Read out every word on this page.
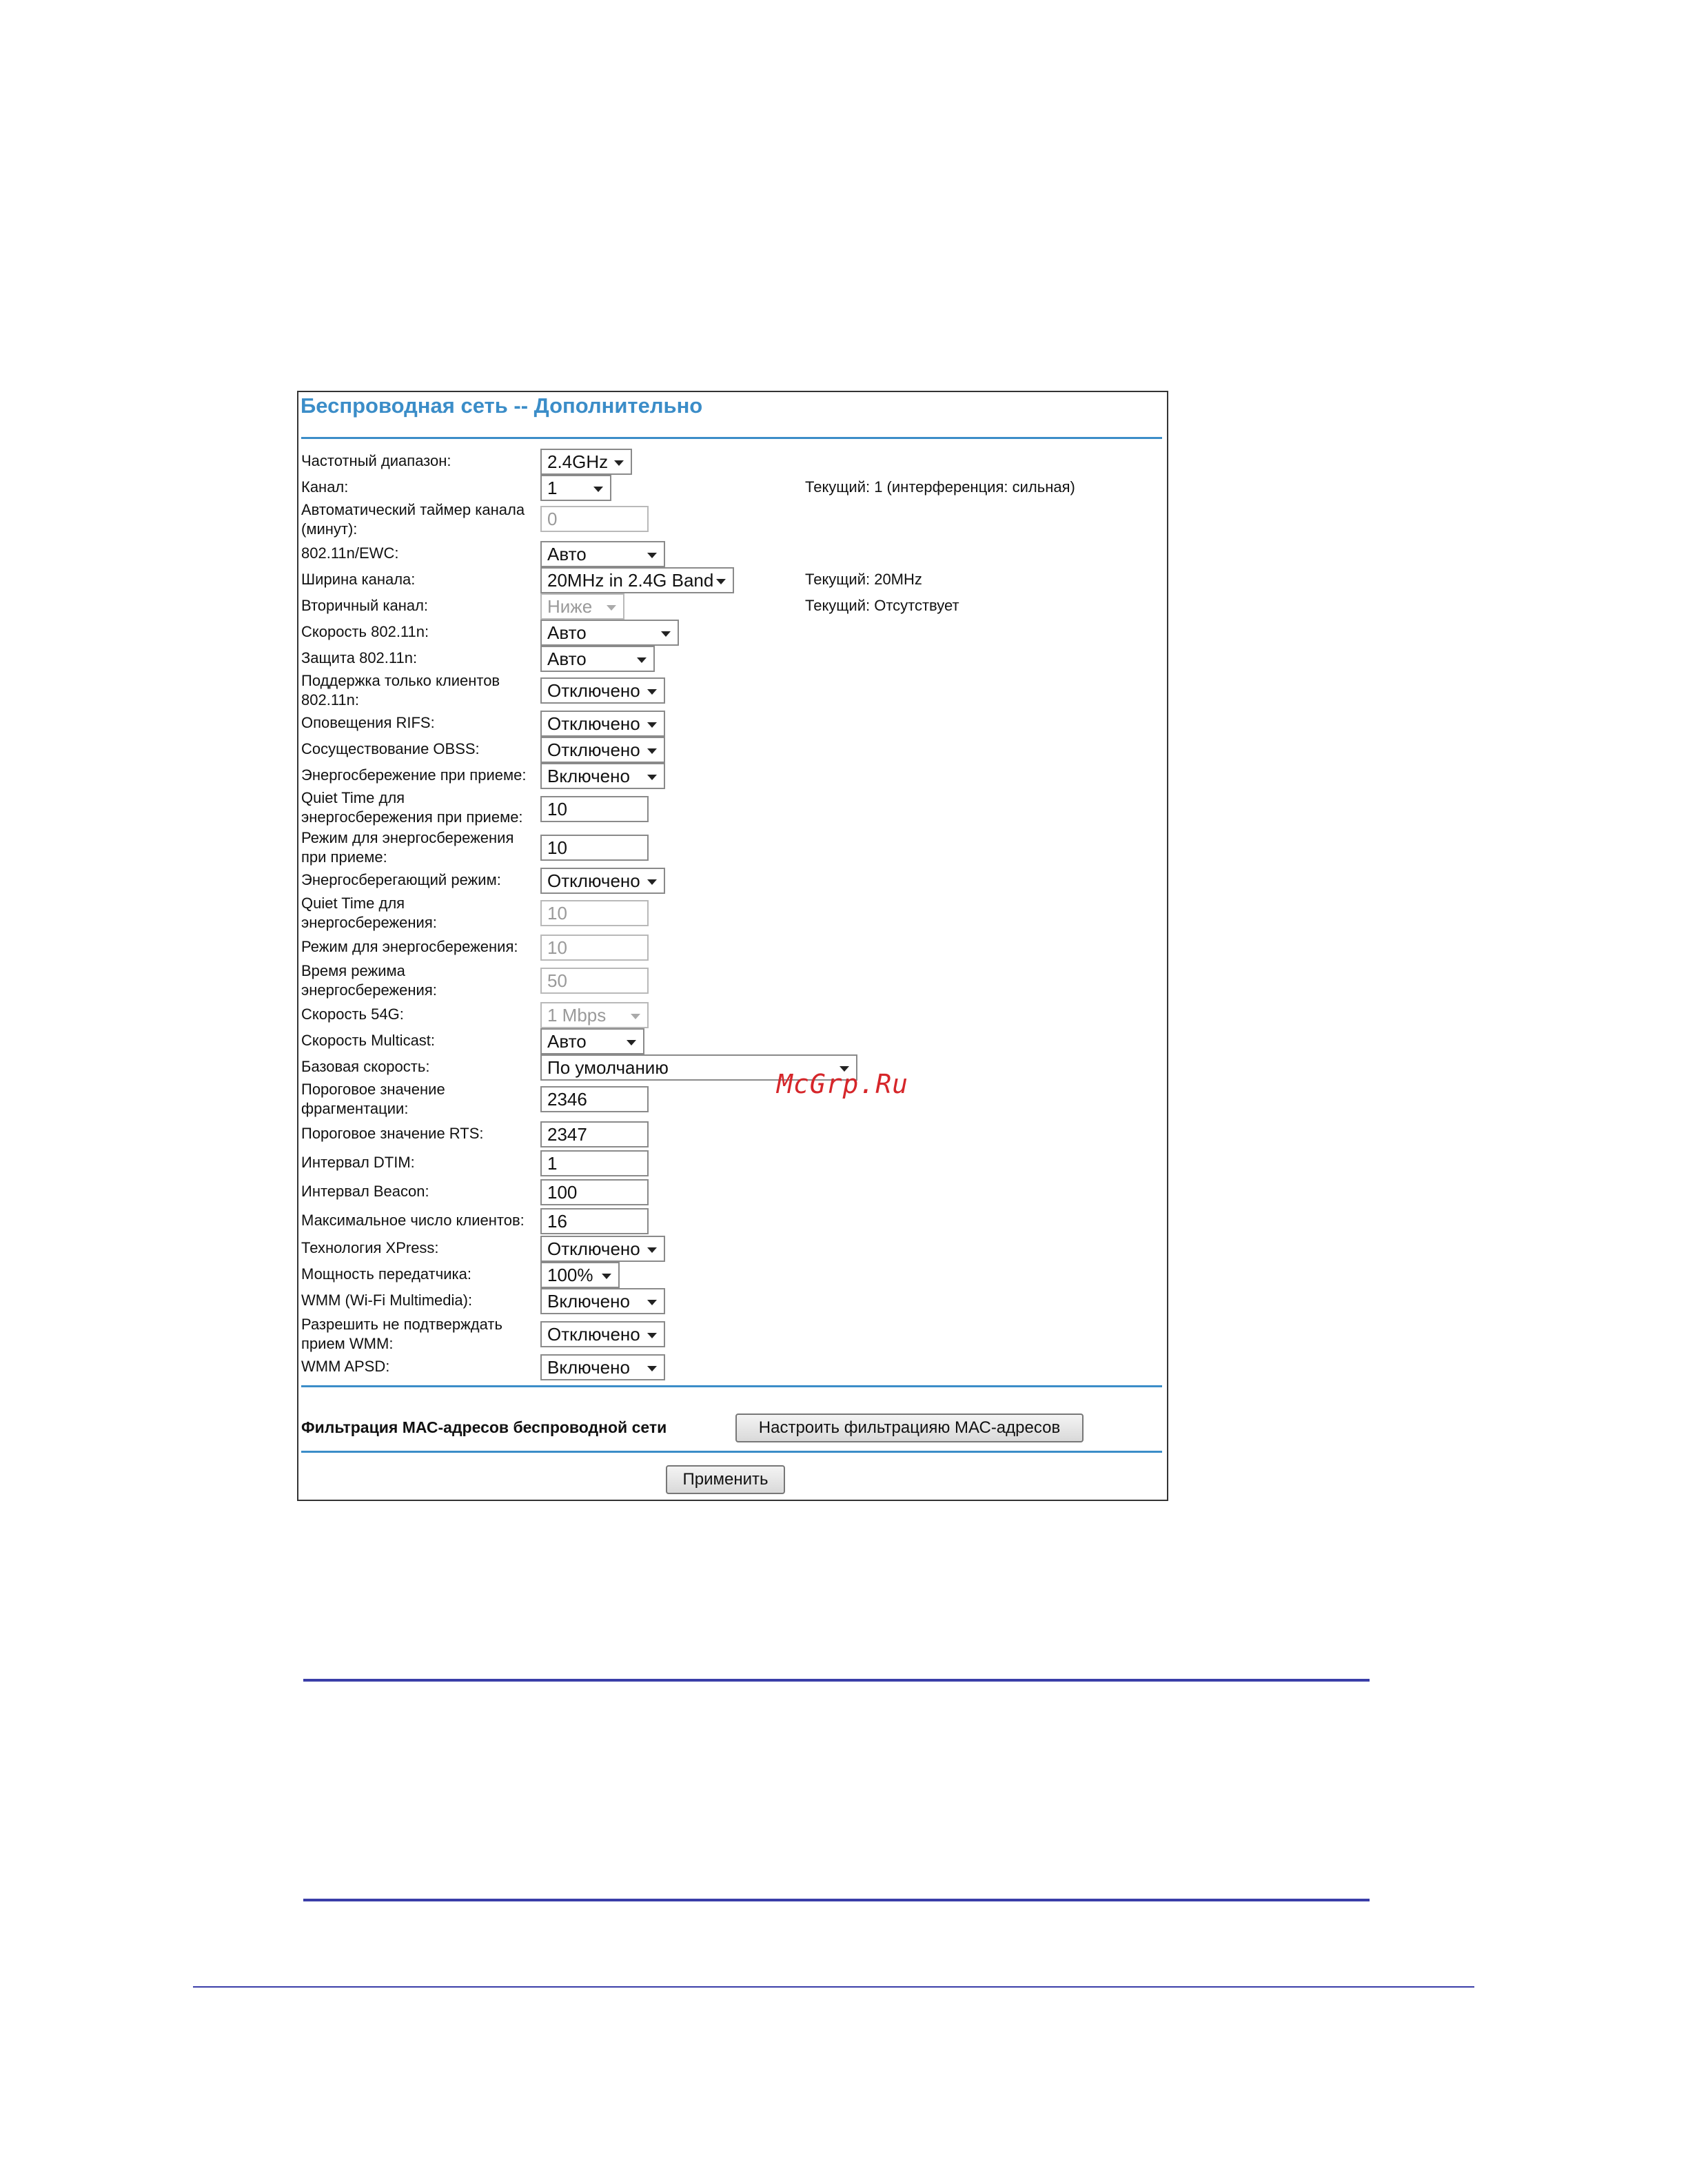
Беспроводная сеть -- Дополнительно
Частотный диапазон:	2.4GHz
Канал:	1	Текущий: 1 (интерференция: сильная)
Автоматический таймер канала (минут):	0
802.11n/EWC:	Авто
Ширина канала:	20MHz in 2.4G Band	Текущий: 20MHz
Вторичный канал:	Ниже	Текущий: Отсутствует
Скорость 802.11n:	Авто
Защита 802.11n:	Авто
Поддержка только клиентов 802.11n:	Отключено
Оповещения RIFS:	Отключено
Сосуществование OBSS:	Отключено
Энергосбережение при приеме:	Включено
Quiet Time для энергосбережения при приеме:	10
Режим для энергосбережения при приеме:	10
Энергосберегающий режим:	Отключено
Quiet Time для энергосбережения:	10
Режим для энергосбережения:	10
Время режима энергосбережения:	50
Скорость 54G:	1 Mbps
Скорость Multicast:	Авто
Базовая скорость:	По умолчанию
Пороговое значение фрагментации:	2346
Пороговое значение RTS:	2347
Интервал DTIM:	1
Интервал Beacon:	100
Максимальное число клиентов:	16
Технология XPress:	Отключено
Мощность передатчика:	100%
WMM (Wi-Fi Multimedia):	Включено
Разрешить не подтверждать прием WMM:	Отключено
WMM APSD:	Включено
Фильтрация МАС-адресов беспроводной сети	Настроить фильтрацияю МАС-адресов
Применить
McGrp.Ru
